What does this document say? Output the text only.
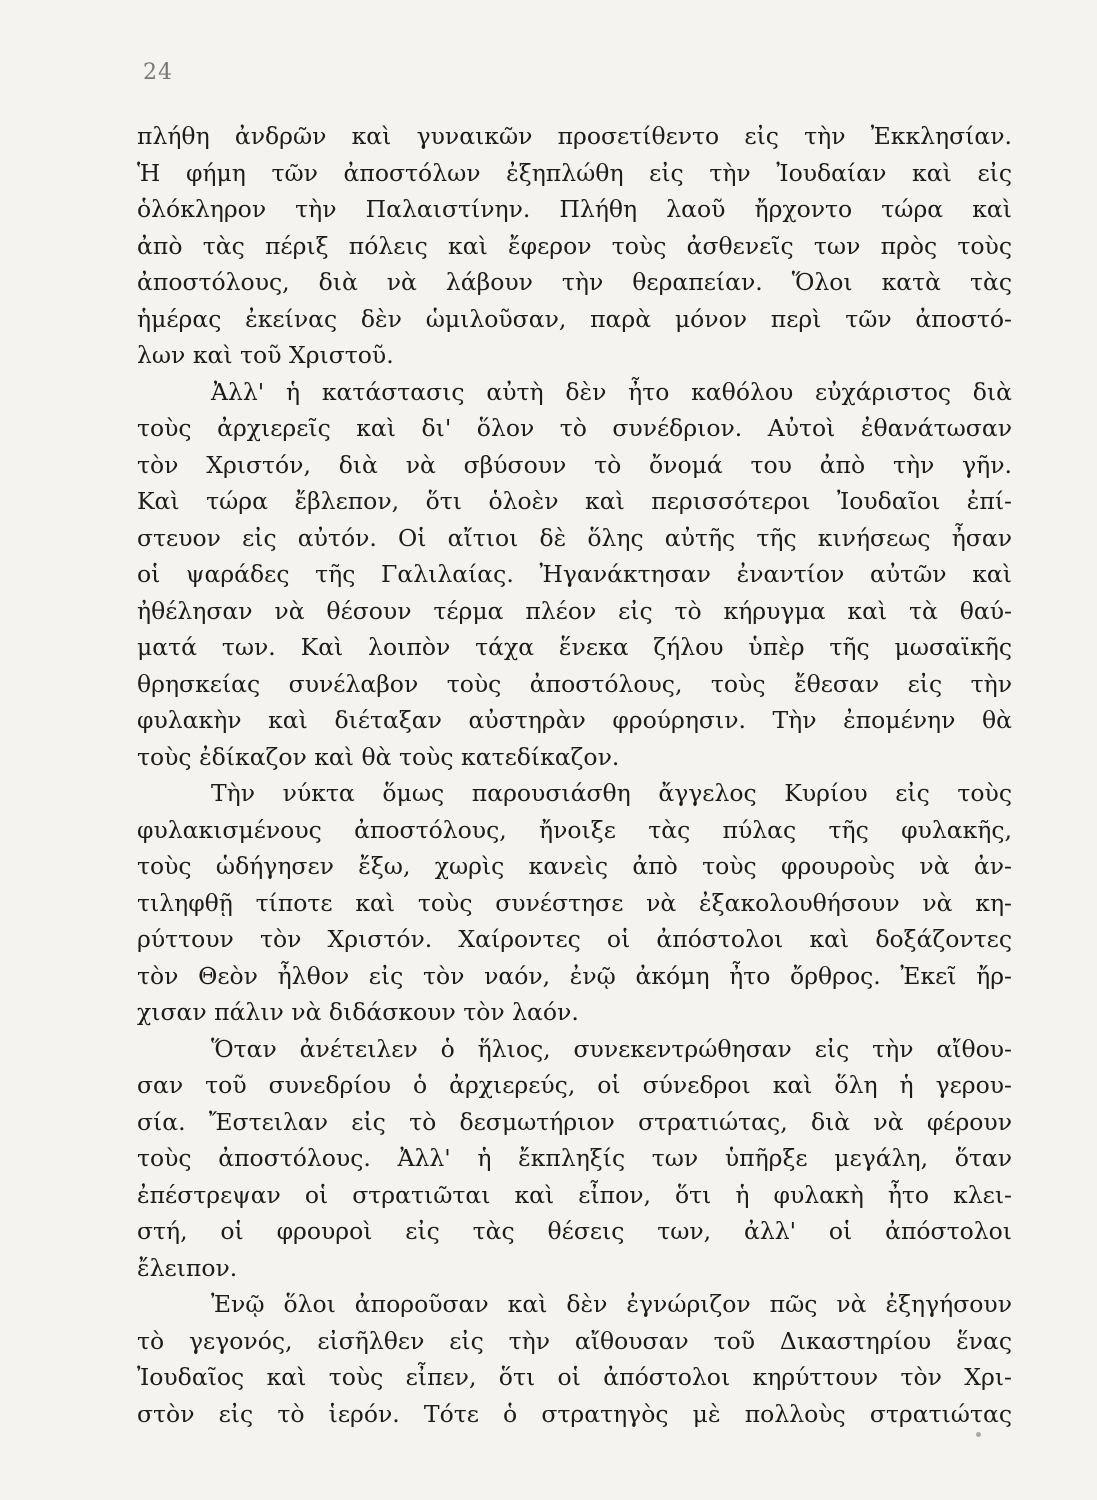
24
πλήθη ἀνδρῶν καὶ γυναικῶν προσετίθεντο εἰς τὴν Ἐκκλησίαν.
Ἡ φήμη τῶν ἀποστόλων ἐξηπλώθη εἰς τὴν Ἰουδαίαν καὶ εἰς
ὁλόκληρον τὴν Παλαιστίνην. Πλήθη λαοῦ ἤρχοντο τώρα καὶ
ἀπὸ τὰς πέριξ πόλεις καὶ ἔφερον τοὺς ἀσθενεῖς των πρὸς τοὺς
ἀποστόλους, διὰ νὰ λάβουν τὴν θεραπείαν. Ὅλοι κατὰ τὰς
ἡμέρας ἐκείνας δὲν ὡμιλοῦσαν, παρὰ μόνον περὶ τῶν ἀποστό-
λων καὶ τοῦ Χριστοῦ.
Ἀλλ' ἡ κατάστασις αὐτὴ δὲν ἦτο καθόλου εὐχάριστος διὰ
τοὺς ἀρχιερεῖς καὶ δι' ὅλον τὸ συνέδριον. Αὐτοὶ ἐθανάτωσαν
τὸν Χριστόν, διὰ νὰ σβύσουν τὸ ὄνομά του ἀπὸ τὴν γῆν.
Καὶ τώρα ἔβλεπον, ὅτι ὁλοὲν καὶ περισσότεροι Ἰουδαῖοι ἐπί-
στευον εἰς αὐτόν. Οἱ αἴτιοι δὲ ὅλης αὐτῆς τῆς κινήσεως ἦσαν
οἱ ψαράδες τῆς Γαλιλαίας. Ἠγανάκτησαν ἐναντίον αὐτῶν καὶ
ἠθέλησαν νὰ θέσουν τέρμα πλέον εἰς τὸ κήρυγμα καὶ τὰ θαύ-
ματά των. Καὶ λοιπὸν τάχα ἕνεκα ζήλου ὑπὲρ τῆς μωσαϊκῆς
θρησκείας συνέλαβον τοὺς ἀποστόλους, τοὺς ἔθεσαν εἰς τὴν
φυλακὴν καὶ διέταξαν αὐστηρὰν φρούρησιν. Τὴν ἐπομένην θὰ
τοὺς ἐδίκαζον καὶ θὰ τοὺς κατεδίκαζον.
Τὴν νύκτα ὅμως παρουσιάσθη ἄγγελος Κυρίου εἰς τοὺς
φυλακισμένους ἀποστόλους, ἤνοιξε τὰς πύλας τῆς φυλακῆς,
τοὺς ὡδήγησεν ἔξω, χωρὶς κανεὶς ἀπὸ τοὺς φρουροὺς νὰ ἀν-
τιληφθῇ τίποτε καὶ τοὺς συνέστησε νὰ ἐξακολουθήσουν νὰ κη-
ρύττουν τὸν Χριστόν. Χαίροντες οἱ ἀπόστολοι καὶ δοξάζοντες
τὸν Θεὸν ἦλθον εἰς τὸν ναόν, ἐνῷ ἀκόμη ἦτο ὄρθρος. Ἐκεῖ ἤρ-
χισαν πάλιν νὰ διδάσκουν τὸν λαόν.
Ὅταν ἀνέτειλεν ὁ ἥλιος, συνεκεντρώθησαν εἰς τὴν αἴθου-
σαν τοῦ συνεδρίου ὁ ἀρχιερεύς, οἱ σύνεδροι καὶ ὅλη ἡ γερου-
σία. Ἔστειλαν εἰς τὸ δεσμωτήριον στρατιώτας, διὰ νὰ φέρουν
τοὺς ἀποστόλους. Ἀλλ' ἡ ἔκπληξίς των ὑπῆρξε μεγάλη, ὅταν
ἐπέστρεψαν οἱ στρατιῶται καὶ εἶπον, ὅτι ἡ φυλακὴ ἦτο κλει-
στή, οἱ φρουροὶ εἰς τὰς θέσεις των, ἀλλ' οἱ ἀπόστολοι
ἔλειπον.
Ἐνῷ ὅλοι ἀποροῦσαν καὶ δὲν ἐγνώριζον πῶς νὰ ἐξηγήσουν
τὸ γεγονός, εἰσῆλθεν εἰς τὴν αἴθουσαν τοῦ Δικαστηρίου ἕνας
Ἰουδαῖος καὶ τοὺς εἶπεν, ὅτι οἱ ἀπόστολοι κηρύττουν τὸν Χρι-
στὸν εἰς τὸ ἱερόν. Τότε ὁ στρατηγὸς μὲ πολλοὺς στρατιώτας
